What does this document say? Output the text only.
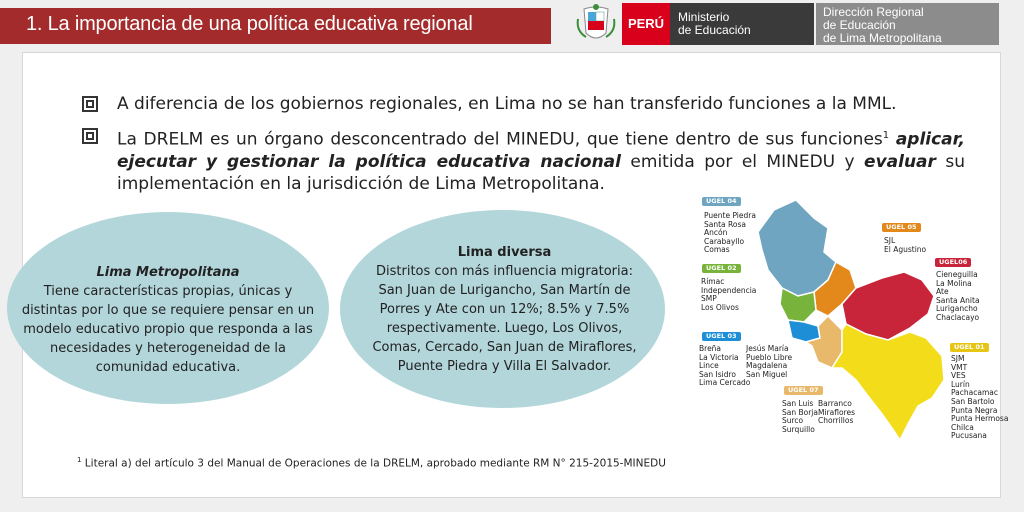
1. La importancia de una política educativa regional	PERÚ	Ministerio
de Educación
Dirección Regional
de Educación
de Lima Metropolitana
A diferencia de los gobiernos regionales, en Lima no se han transferido funciones a la MML.
La DRELM es un órgano desconcentrado del MINEDU, que tiene dentro de sus funciones$^1$ aplicar, ejecutar y gestionar la política educativa nacional emitida por el MINEDU y evaluar su implementación en la jurisdicción de Lima Metropolitana.
Lima Metropolitana
Tiene características propias, únicas y distintas por lo que se requiere pensar en un modelo educativo propio que responda a las necesidades y heterogeneidad de la comunidad educativa.
Lima diversa
Distritos con más influencia migratoria: San Juan de Lurigancho, San Martín de Porres y Ate con un 12%; 8.5% y 7.5% respectivamente. Luego, Los Olivos, Comas, Cercado, San Juan de Miraflores, Puente Piedra y Villa El Salvador.
$^1$ Literal a) del artículo 3 del Manual de Operaciones de la DRELM, aprobado mediante RM N° 215-2015-MINEDU
UGEL 04
Puente Piedra
Santa Rosa
Ancón
Carabayllo
Comas
UGEL 05
SJL
El Agustino
UGEL 02
Rímac
Independencia
SMP
Los Olivos
UGEL06
Cieneguilla
La Molina
Ate
Santa Anita
Lurigancho
Chaclacayo
UGEL 03
Breña
La Victoria
Lince
San Isidro
Lima Cercado
Jesús María
Pueblo Libre
Magdalena
San Miguel
UGEL 01
SJM
VMT
VES
Lurín
Pachacamac
San Bartolo
Punta Negra
Punta Hermosa
Chilca
Pucusana
UGEL 07
San Luis
San Borja
Surco
Surquillo
Barranco
Miraflores
Chorrillos
